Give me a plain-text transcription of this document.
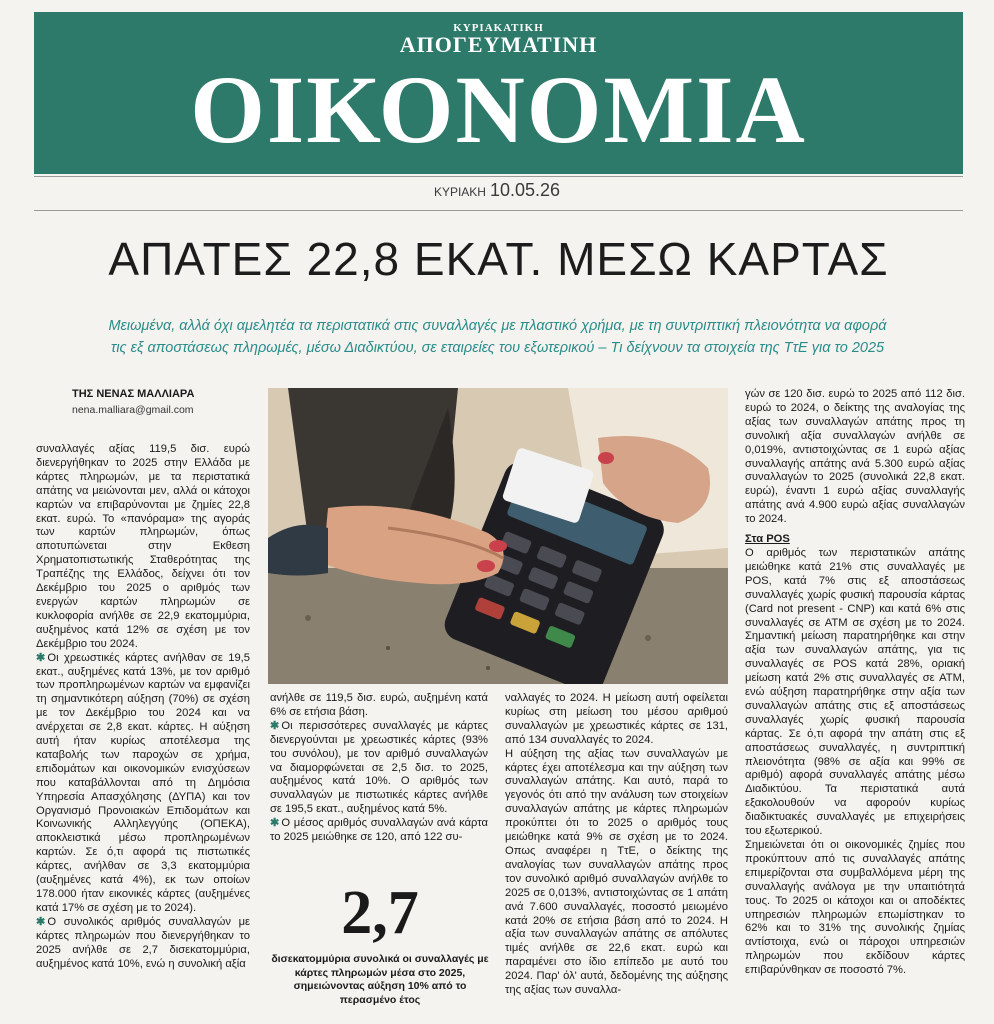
ΚΥΡΙΑΚΑΤΙΚΗ
ΑΠΟΓΕΥΜΑΤΙΝΗ
ΟΙΚΟΝΟΜΙΑ
ΚΥΡΙΑΚΗ 10.05.26
ΑΠΑΤΕΣ 22,8 ΕΚΑΤ. ΜΕΣΩ ΚΑΡΤΑΣ
Μειωμένα, αλλά όχι αμελητέα τα περιστατικά στις συναλλαγές με πλαστικό χρήμα, με τη συντριπτική πλειονότητα να αφορά
τις εξ αποστάσεως πληρωμές, μέσω Διαδικτύου, σε εταιρείες του εξωτερικού – Τι δείχνουν τα στοιχεία της ΤτΕ για το 2025
ΤΗΣ ΝΕΝΑΣ ΜΑΛΛΙΑΡΑ
nena.malliara@gmail.com

συναλλαγές αξίας 119,5 δισ. ευρώ διενεργήθηκαν το 2025 στην Ελλάδα με κάρτες πληρωμών, με τα περιστατικά απάτης να μειώνονται μεν, αλλά οι κάτοχοι καρτών να επιβαρύνονται με ζημίες 22,8 εκατ. ευρώ. Το «πανόραμα» της αγοράς των καρτών πληρωμών, όπως αποτυπώνεται στην Εκθεση Χρηματοπιστωτικής Σταθερότητας της Τραπέζης της Ελλάδος, δείχνει ότι τον Δεκέμβριο του 2025 ο αριθμός των ενεργών καρτών πληρωμών σε κυκλοφορία ανήλθε σε 22,9 εκατομμύρια, αυξημένος κατά 12% σε σχέση με τον Δεκέμβριο του 2024.

✱ Οι χρεωστικές κάρτες ανήλθαν σε 19,5 εκατ., αυξημένες κατά 13%, με τον αριθμό των προπληρωμένων καρτών να εμφανίζει τη σημαντικότερη αύξηση (70%) σε σχέση με τον Δεκέμβριο του 2024 και να ανέρχεται σε 2,8 εκατ. κάρτες. Η αύξηση αυτή ήταν κυρίως αποτέλεσμα της καταβολής των παροχών σε χρήμα, επιδομάτων και οικονομικών ενισχύσεων που καταβάλλονται από τη Δημόσια Υπηρεσία Απασχόλησης (ΔΥΠΑ) και τον Οργανισμό Προνοιακών Επιδομάτων και Κοινωνικής Αλληλεγγύης (ΟΠΕΚΑ), αποκλειστικά μέσω προπληρωμένων καρτών. Σε ό,τι αφορά τις πιστωτικές κάρτες, ανήλθαν σε 3,3 εκατομμύρια (αυξημένες κατά 4%), εκ των οποίων 178.000 ήταν εικονικές κάρτες (αυξημένες κατά 17% σε σχέση με το 2024).

✱ Ο συνολικός αριθμός συναλλαγών με κάρτες πληρωμών που διενεργήθηκαν το 2025 ανήλθε σε 2,7 δισεκατομμύρια, αυξημένος κατά 10%, ενώ η συνολική αξία

ανήλθε σε 119,5 δισ. ευρώ, αυξημένη κατά 6% σε ετήσια βάση.

✱ Οι περισσότερες συναλλαγές με κάρτες διενεργούνται με χρεωστικές κάρτες (93% του συνόλου), με τον αριθμό συναλλαγών να διαμορφώνεται σε 2,5 δισ. το 2025, αυξημένος κατά 10%. Ο αριθμός των συναλλαγών με πιστωτικές κάρτες ανήλθε σε 195,5 εκατ., αυξημένος κατά 5%.

✱ Ο μέσος αριθμός συναλλαγών ανά κάρτα το 2025 μειώθηκε σε 120, από 122 συ-

2,7
δισεκατομμύρια συνολικά οι συναλλαγές με κάρτες πληρωμών μέσα στο 2025, σημειώνοντας αύξηση 10% από το περασμένο έτος

ναλλαγές το 2024. Η μείωση αυτή οφείλεται κυρίως στη μείωση του μέσου αριθμού συναλλαγών με χρεωστικές κάρτες σε 131, από 134 συναλλαγές το 2024.

Η αύξηση της αξίας των συναλλαγών με κάρτες έχει αποτέλεσμα και την αύξηση των συναλλαγών απάτης. Και αυτό, παρά το γεγονός ότι από την ανάλυση των στοιχείων συναλλαγών απάτης με κάρτες πληρωμών προκύπτει ότι το 2025 ο αριθμός τους μειώθηκε κατά 9% σε σχέση με το 2024. Οπως αναφέρει η ΤτΕ, ο δείκτης της αναλογίας των συναλλαγών απάτης προς τον συνολικό αριθμό συναλλαγών ανήλθε το 2025 σε 0,013%, αντιστοιχώντας σε 1 απάτη ανά 7.600 συναλλαγές, ποσοστό μειωμένο κατά 20% σε ετήσια βάση από το 2024. Η αξία των συναλλαγών απάτης σε απόλυτες τιμές ανήλθε σε 22,6 εκατ. ευρώ και παραμένει στο ίδιο επίπεδο με αυτό του 2024. Παρ' όλ' αυτά, δεδομένης της αύξησης της αξίας των συναλλα-

γών σε 120 δισ. ευρώ το 2025 από 112 δισ. ευρώ το 2024, ο δείκτης της αναλογίας της αξίας των συναλλαγών απάτης προς τη συνολική αξία συναλλαγών ανήλθε σε 0,019%, αντιστοιχώντας σε 1 ευρώ αξίας συναλλαγής απάτης ανά 5.300 ευρώ αξίας συναλλαγών το 2025 (συνολικά 22,8 εκατ. ευρώ), έναντι 1 ευρώ αξίας συναλλαγής απάτης ανά 4.900 ευρώ αξίας συναλλαγών το 2024.

Στα POS

Ο αριθμός των περιστατικών απάτης μειώθηκε κατά 21% στις συναλλαγές με POS, κατά 7% στις εξ αποστάσεως συναλλαγές χωρίς φυσική παρουσία κάρτας (Card not present - CNP) και κατά 6% στις συναλλαγές σε ΑΤΜ σε σχέση με το 2024. Σημαντική μείωση παρατηρήθηκε και στην αξία των συναλλαγών απάτης, για τις συναλλαγές σε POS κατά 28%, οριακή μείωση κατά 2% στις συναλλαγές σε ΑΤΜ, ενώ αύξηση παρατηρήθηκε στην αξία των συναλλαγών απάτης στις εξ αποστάσεως συναλλαγές χωρίς φυσική παρουσία κάρτας. Σε ό,τι αφορά την απάτη στις εξ αποστάσεως συναλλαγές, η συντριπτική πλειονότητα (98% σε αξία και 99% σε αριθμό) αφορά συναλλαγές απάτης μέσω Διαδικτύου. Τα περιστατικά αυτά εξακολουθούν να αφορούν κυρίως διαδικτυακές συναλλαγές με επιχειρήσεις του εξωτερικού.

Σημειώνεται ότι οι οικονομικές ζημίες που προκύπτουν από τις συναλλαγές απάτης επιμερίζονται στα συμβαλλόμενα μέρη της συναλλαγής ανάλογα με την υπαιτιότητά τους. Το 2025 οι κάτοχοι και οι αποδέκτες υπηρεσιών πληρωμών επωμίστηκαν το 62% και το 31% της συνολικής ζημίας αντίστοιχα, ενώ οι πάροχοι υπηρεσιών πληρωμών που εκδίδουν κάρτες επιβαρύνθηκαν σε ποσοστό 7%.
